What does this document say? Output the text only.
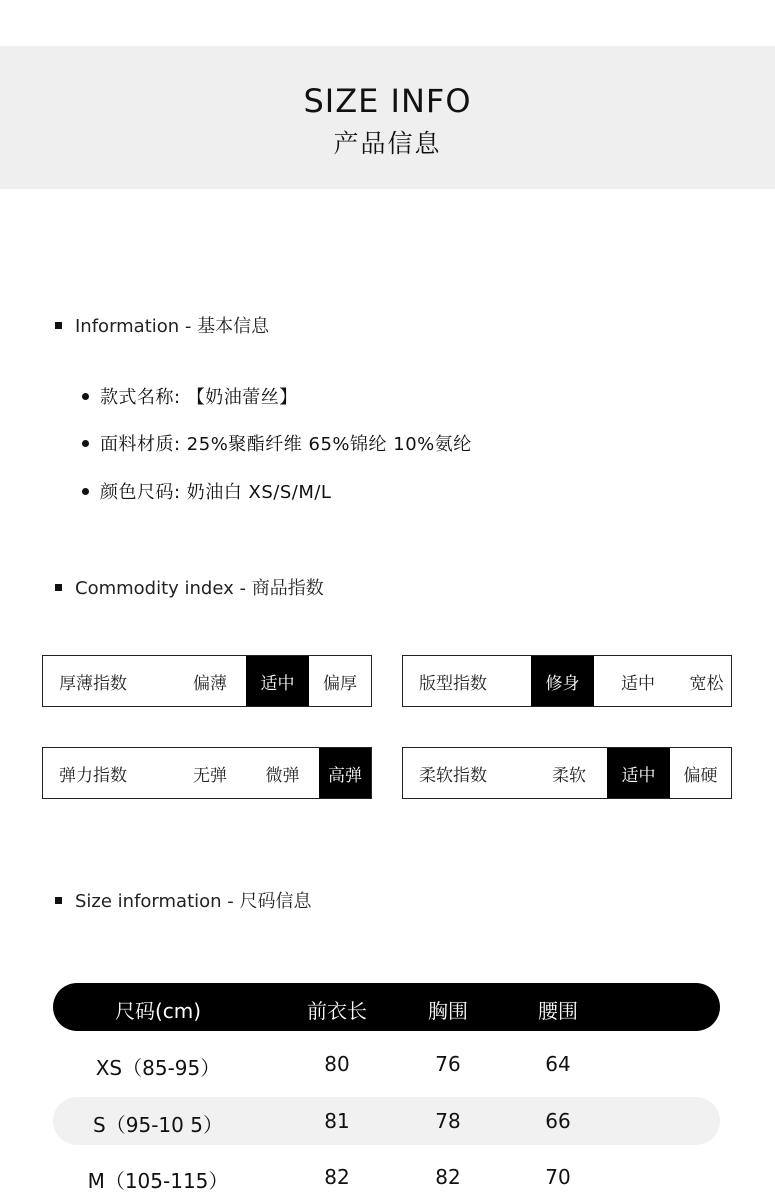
SIZE INFO
产品信息
Information - 基本信息
款式名称: 【奶油蕾丝】
面料材质: 25%聚酯纤维 65%锦纶 10%氨纶
颜色尺码: 奶油白 XS/S/M/L
Commodity index - 商品指数
厚薄指数	偏薄	适中	偏厚	版型指数	修身	适中	宽松
弹力指数	无弹	微弹	高弹	柔软指数	柔软	适中	偏硬
Size information - 尺码信息
尺码(cm)	前衣长	胸围	腰围
XS（85-95）	80	76	64
S（95-10 5）	81	78	66
M（105-115）	82	82	70
